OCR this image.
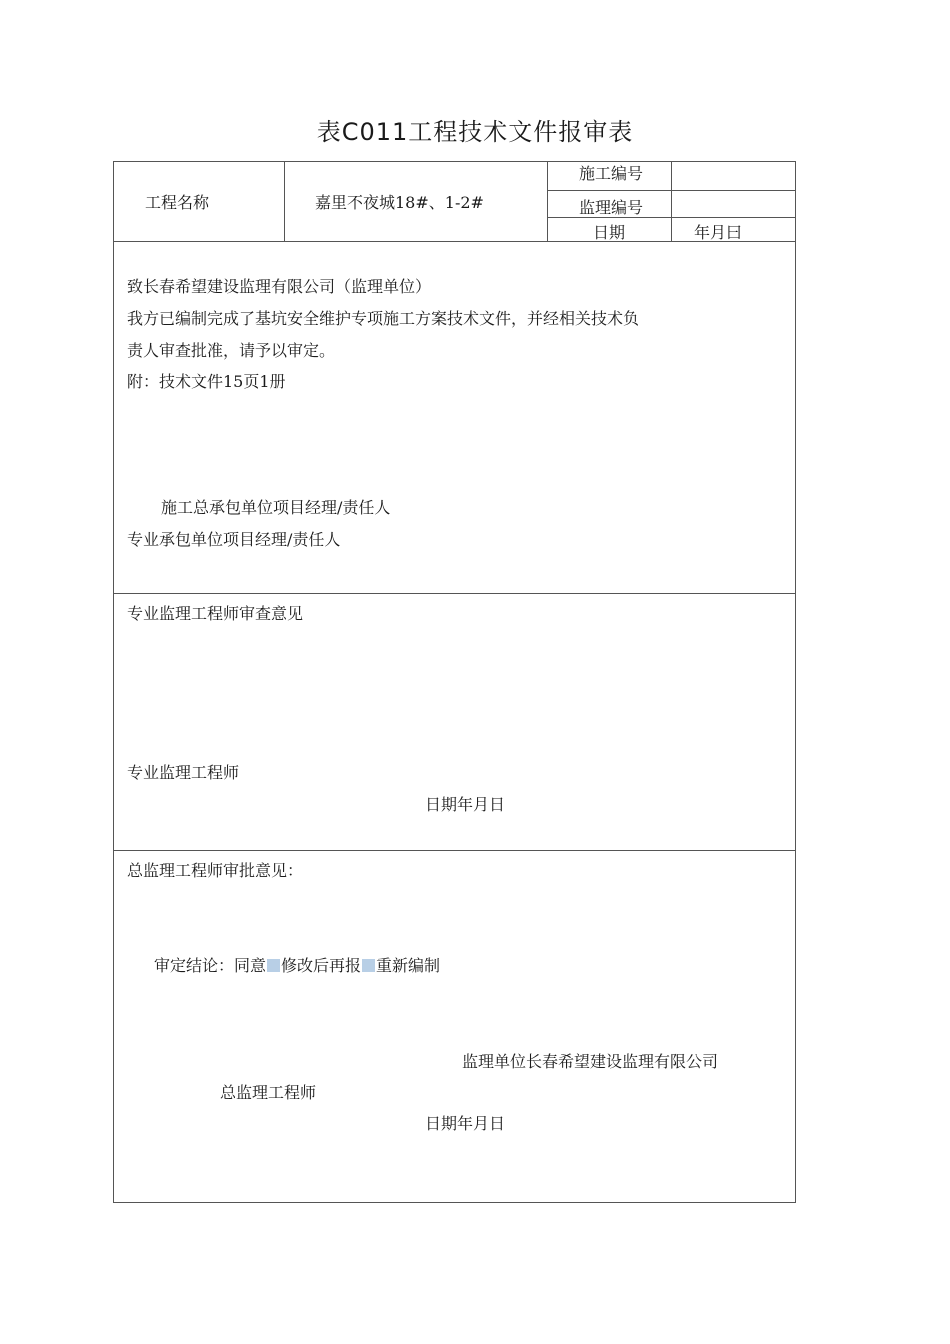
表C011工程技术文件报审表
工程名称	嘉里不夜城18#、1-2#
施工编号
监理编号
日期	年月曰
致长春希望建设监理有限公司（监理单位）
我方已编制完成了基坑安全维护专项施工方案技术文件，并经相关技术负
责人审查批准，请予以审定。
附：技术文件15页1册
施工总承包单位项目经理/责任人
专业承包单位项目经理/责任人
专业监理工程师审查意见
专业监理工程师
日期年月日
总监理工程师审批意见：
审定结论：同意 修改后再报 重新编制
监理单位长春希望建设监理有限公司
总监理工程师
日期年月日
